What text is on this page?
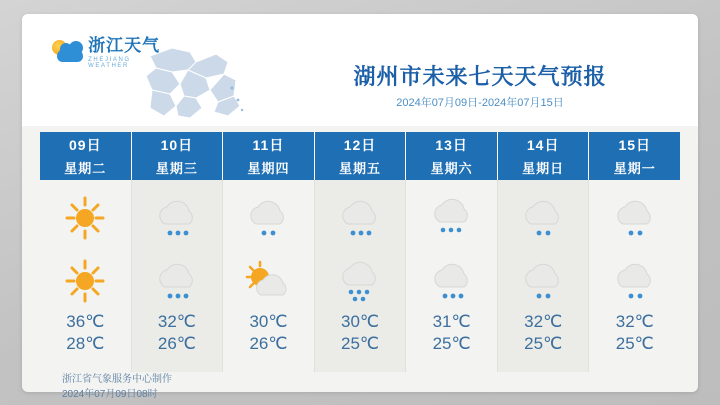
浙江天气
ZHEJIANG WEATHER	湖州市未来七天天气预报
2024年07月09日-2024年07月15日
09日
星期二
10日
星期三
11日
星期四
12日
星期五
13日
星期六
14日
星期日
15日
星期一
36℃
28℃
32℃
26℃
30℃
26℃
30℃
25℃
31℃
25℃
32℃
25℃
32℃
25℃
浙江省气象服务中心制作
2024年07月09日08时
